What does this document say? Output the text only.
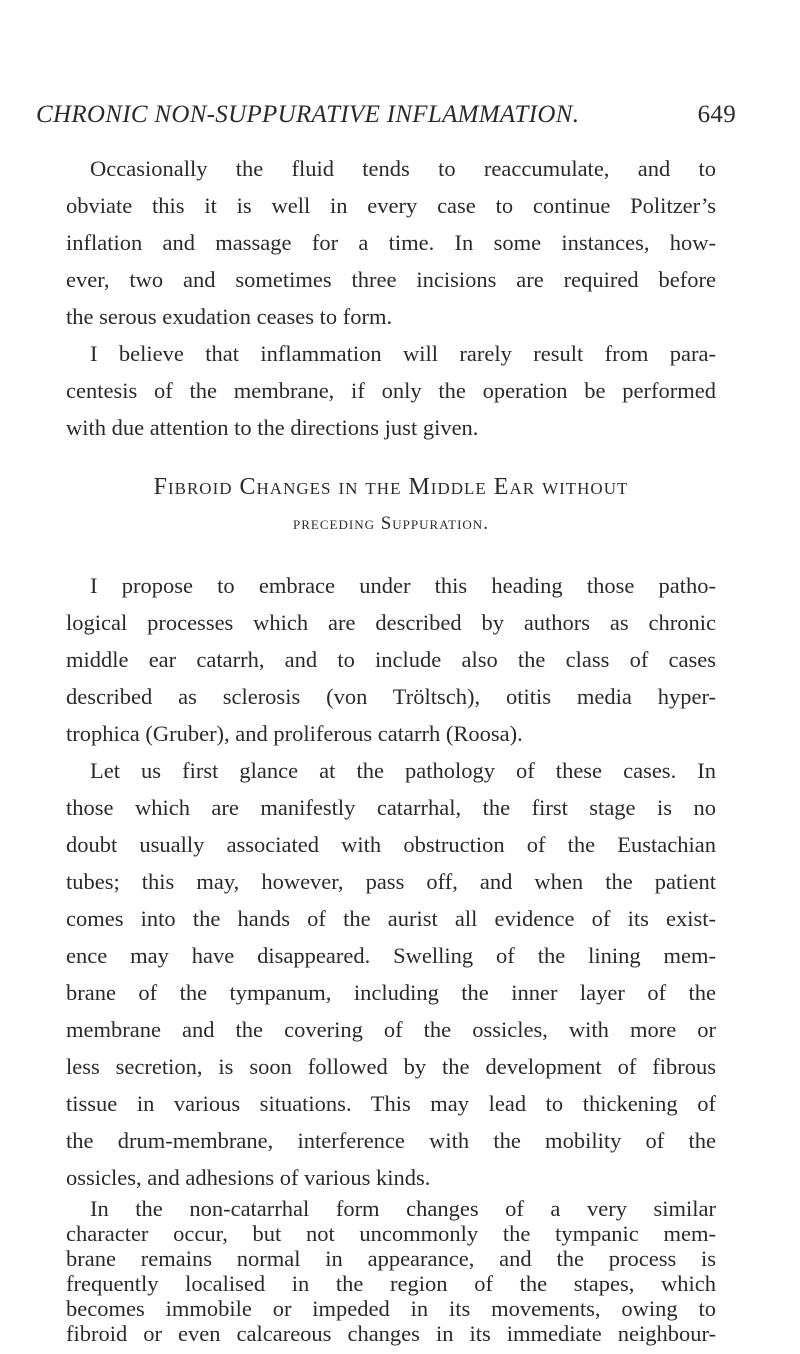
CHRONIC NON-SUPPURATIVE INFLAMMATION.	649
Occasionally the fluid tends to reaccumulate, and to
obviate this it is well in every case to continue Politzer’s
inflation and massage for a time. In some instances, how-
ever, two and sometimes three incisions are required before
the serous exudation ceases to form.
I believe that inflammation will rarely result from para-
centesis of the membrane, if only the operation be performed
with due attention to the directions just given.
Fibroid Changes in the Middle Ear without
preceding Suppuration.
I propose to embrace under this heading those patho-
logical processes which are described by authors as chronic
middle ear catarrh, and to include also the class of cases
described as sclerosis (von Tröltsch), otitis media hyper-
trophica (Gruber), and proliferous catarrh (Roosa).
Let us first glance at the pathology of these cases. In
those which are manifestly catarrhal, the first stage is no
doubt usually associated with obstruction of the Eustachian
tubes; this may, however, pass off, and when the patient
comes into the hands of the aurist all evidence of its exist-
ence may have disappeared. Swelling of the lining mem-
brane of the tympanum, including the inner layer of the
membrane and the covering of the ossicles, with more or
less secretion, is soon followed by the development of fibrous
tissue in various situations. This may lead to thickening of
the drum-membrane, interference with the mobility of the
ossicles, and adhesions of various kinds.
In the non-catarrhal form changes of a very similar
character occur, but not uncommonly the tympanic mem-
brane remains normal in appearance, and the process is
frequently localised in the region of the stapes, which
becomes immobile or impeded in its movements, owing to
fibroid or even calcareous changes in its immediate neighbour-
